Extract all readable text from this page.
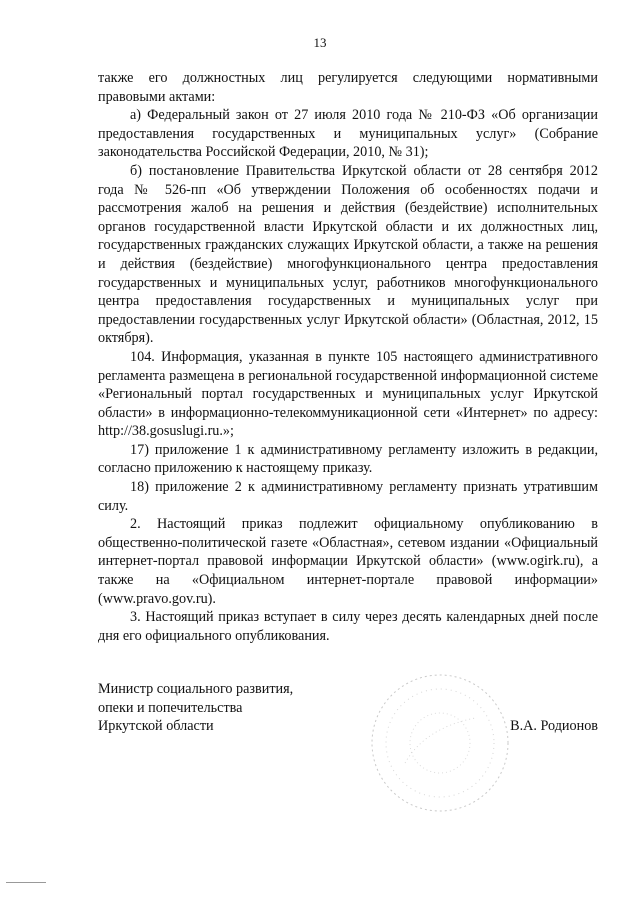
13

также его должностных лиц регулируется следующими нормативными правовыми актами:

а) Федеральный закон от 27 июля 2010 года № 210-ФЗ «Об организации предоставления государственных и муниципальных услуг» (Собрание законодательства Российской Федерации, 2010, № 31);

б) постановление Правительства Иркутской области от 28 сентября 2012 года № 526-пп «Об утверждении Положения об особенностях подачи и рассмотрения жалоб на решения и действия (бездействие) исполнительных органов государственной власти Иркутской области и их должностных лиц, государственных гражданских служащих Иркутской области, а также на решения и действия (бездействие) многофункционального центра предоставления государственных и муниципальных услуг, работников многофункционального центра предоставления государственных и муниципальных услуг при предоставлении государственных услуг Иркутской области» (Областная, 2012, 15 октября).

104. Информация, указанная в пункте 105 настоящего административного регламента размещена в региональной государственной информационной системе «Региональный портал государственных и муниципальных услуг Иркутской области» в информационно-телекоммуникационной сети «Интернет» по адресу: http://38.gosuslugi.ru.»;

17) приложение 1 к административному регламенту изложить в редакции, согласно приложению к настоящему приказу.

18) приложение 2 к административному регламенту признать утратившим силу.

2. Настоящий приказ подлежит официальному опубликованию в общественно-политической газете «Областная», сетевом издании «Официальный интернет-портал правовой информации Иркутской области» (www.ogirk.ru), а также на «Официальном интернет-портале правовой информации» (www.pravo.gov.ru).

3. Настоящий приказ вступает в силу через десять календарных дней после дня его официального опубликования.

Министр социального развития,
опеки и попечительства
Иркутской области	В.А. Родионов
